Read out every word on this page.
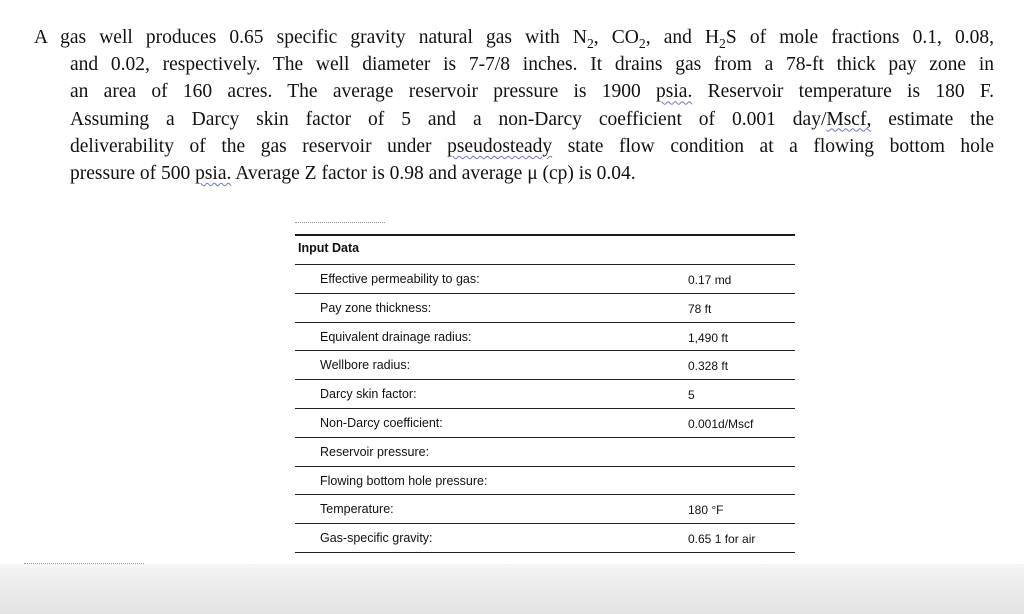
A gas well produces 0.65 specific gravity natural gas with $N_2$, $CO_2$, and $H_2S$ of mole fractions 0.1, 0.08,
and 0.02, respectively. The well diameter is 7-7/8 inches. It drains gas from a 78-ft thick pay zone in
an area of 160 acres. The average reservoir pressure is 1900 psia. Reservoir temperature is 180 F.
Assuming a Darcy skin factor of 5 and a non-Darcy coefficient of 0.001 day/Mscf, estimate the
deliverability of the gas reservoir under pseudosteady state flow condition at a flowing bottom hole
pressure of 500 psia. Average Z factor is 0.98 and average μ (cp) is 0.04.
Input Data
Effective permeability to gas:	0.17 md
Pay zone thickness:	78 ft
Equivalent drainage radius:	1,490 ft
Wellbore radius:	0.328 ft
Darcy skin factor:	5
Non-Darcy coefficient:	0.001d/Mscf
Reservoir pressure:
Flowing bottom hole pressure:
Temperature:	180 °F
Gas-specific gravity:	0.65 1 for air
